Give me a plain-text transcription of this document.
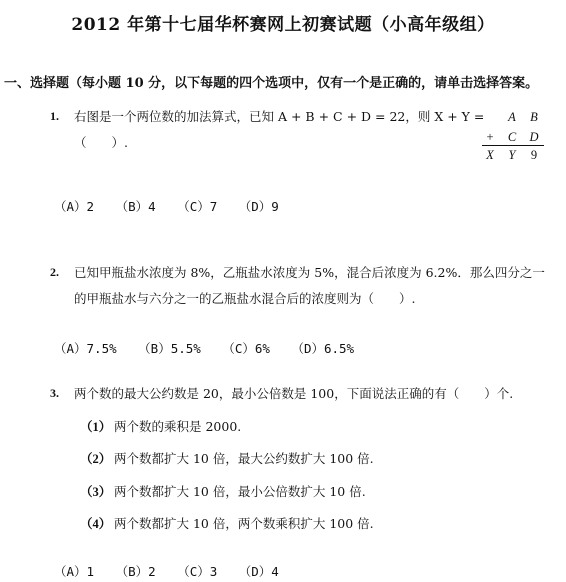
2012 年第十七届华杯赛网上初赛试题（小高年级组）
一、选择题（每小题 10 分，以下每题的四个选项中，仅有一个是正确的，请单击选择答案。
1. 右图是一个两位数的加法算式，已知 A + B + C + D = 22，则 X + Y =
（　　）.
A B
+ C D
X Y 9
（A）2 （B）4 （C）7 （D）9
2. 已知甲瓶盐水浓度为 8%，乙瓶盐水浓度为 5%，混合后浓度为 6.2%．那么四分之一
的甲瓶盐水与六分之一的乙瓶盐水混合后的浓度则为（　　）.
（A）7.5% （B）5.5% （C）6% （D）6.5%
3. 两个数的最大公约数是 20，最小公倍数是 100，下面说法正确的有（　　）个.
（1） 两个数的乘积是 2000.
（2） 两个数都扩大 10 倍，最大公约数扩大 100 倍.
（3） 两个数都扩大 10 倍，最小公倍数扩大 10 倍.
（4） 两个数都扩大 10 倍，两个数乘积扩大 100 倍.
（A）1 （B）2 （C）3 （D）4
